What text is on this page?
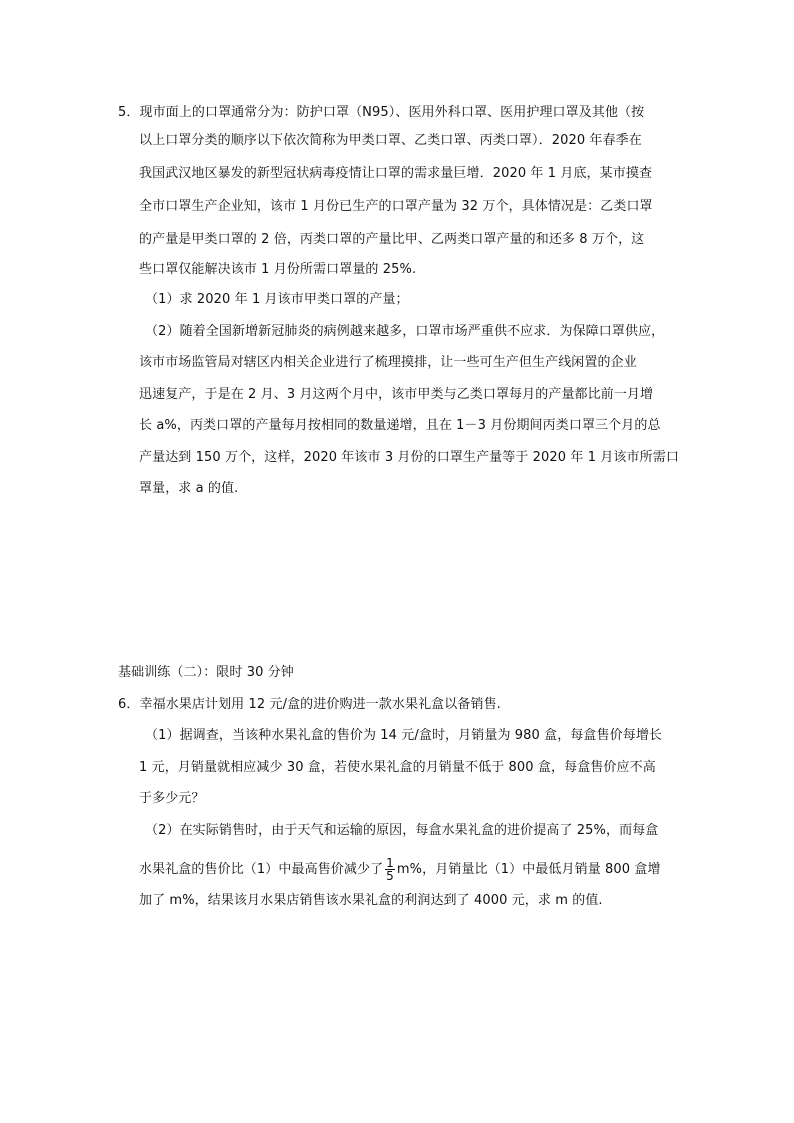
5．现市面上的口罩通常分为：防护口罩（N95）、医用外科口罩、医用护理口罩及其他（按
以上口罩分类的顺序以下依次简称为甲类口罩、乙类口罩、丙类口罩）．2020 年春季在
我国武汉地区暴发的新型冠状病毒疫情让口罩的需求量巨增．2020 年 1 月底，某市摸查
全市口罩生产企业知，该市 1 月份已生产的口罩产量为 32 万个，具体情况是：乙类口罩
的产量是甲类口罩的 2 倍，丙类口罩的产量比甲、乙两类口罩产量的和还多 8 万个，这
些口罩仅能解决该市 1 月份所需口罩量的 25%.
（1）求 2020 年 1 月该市甲类口罩的产量；
（2）随着全国新增新冠肺炎的病例越来越多，口罩市场严重供不应求．为保障口罩供应，
该市市场监管局对辖区内相关企业进行了梳理摸排，让一些可生产但生产线闲置的企业
迅速复产，于是在 2 月、3 月这两个月中，该市甲类与乙类口罩每月的产量都比前一月增
长 a%，丙类口罩的产量每月按相同的数量递增，且在 1－3 月份期间丙类口罩三个月的总
产量达到 150 万个，这样，2020 年该市 3 月份的口罩生产量等于 2020 年 1 月该市所需口
罩量，求 a 的值.
基础训练（二）：限时 30 分钟
6．幸福水果店计划用 12 元/盒的进价购进一款水果礼盒以备销售.
（1）据调查，当该种水果礼盒的售价为 14 元/盒时，月销量为 980 盒，每盒售价每增长
1 元，月销量就相应减少 30 盒，若使水果礼盒的月销量不低于 800 盒，每盒售价应不高
于多少元？
（2）在实际销售时，由于天气和运输的原因，每盒水果礼盒的进价提高了 25%，而每盒
水果礼盒的售价比（1）中最高售价减少了 $\frac{1}{5} m\%$，月销量比（1）中最低月销量 800 盒增
加了 m%，结果该月水果店销售该水果礼盒的利润达到了 4000 元，求 m 的值.
